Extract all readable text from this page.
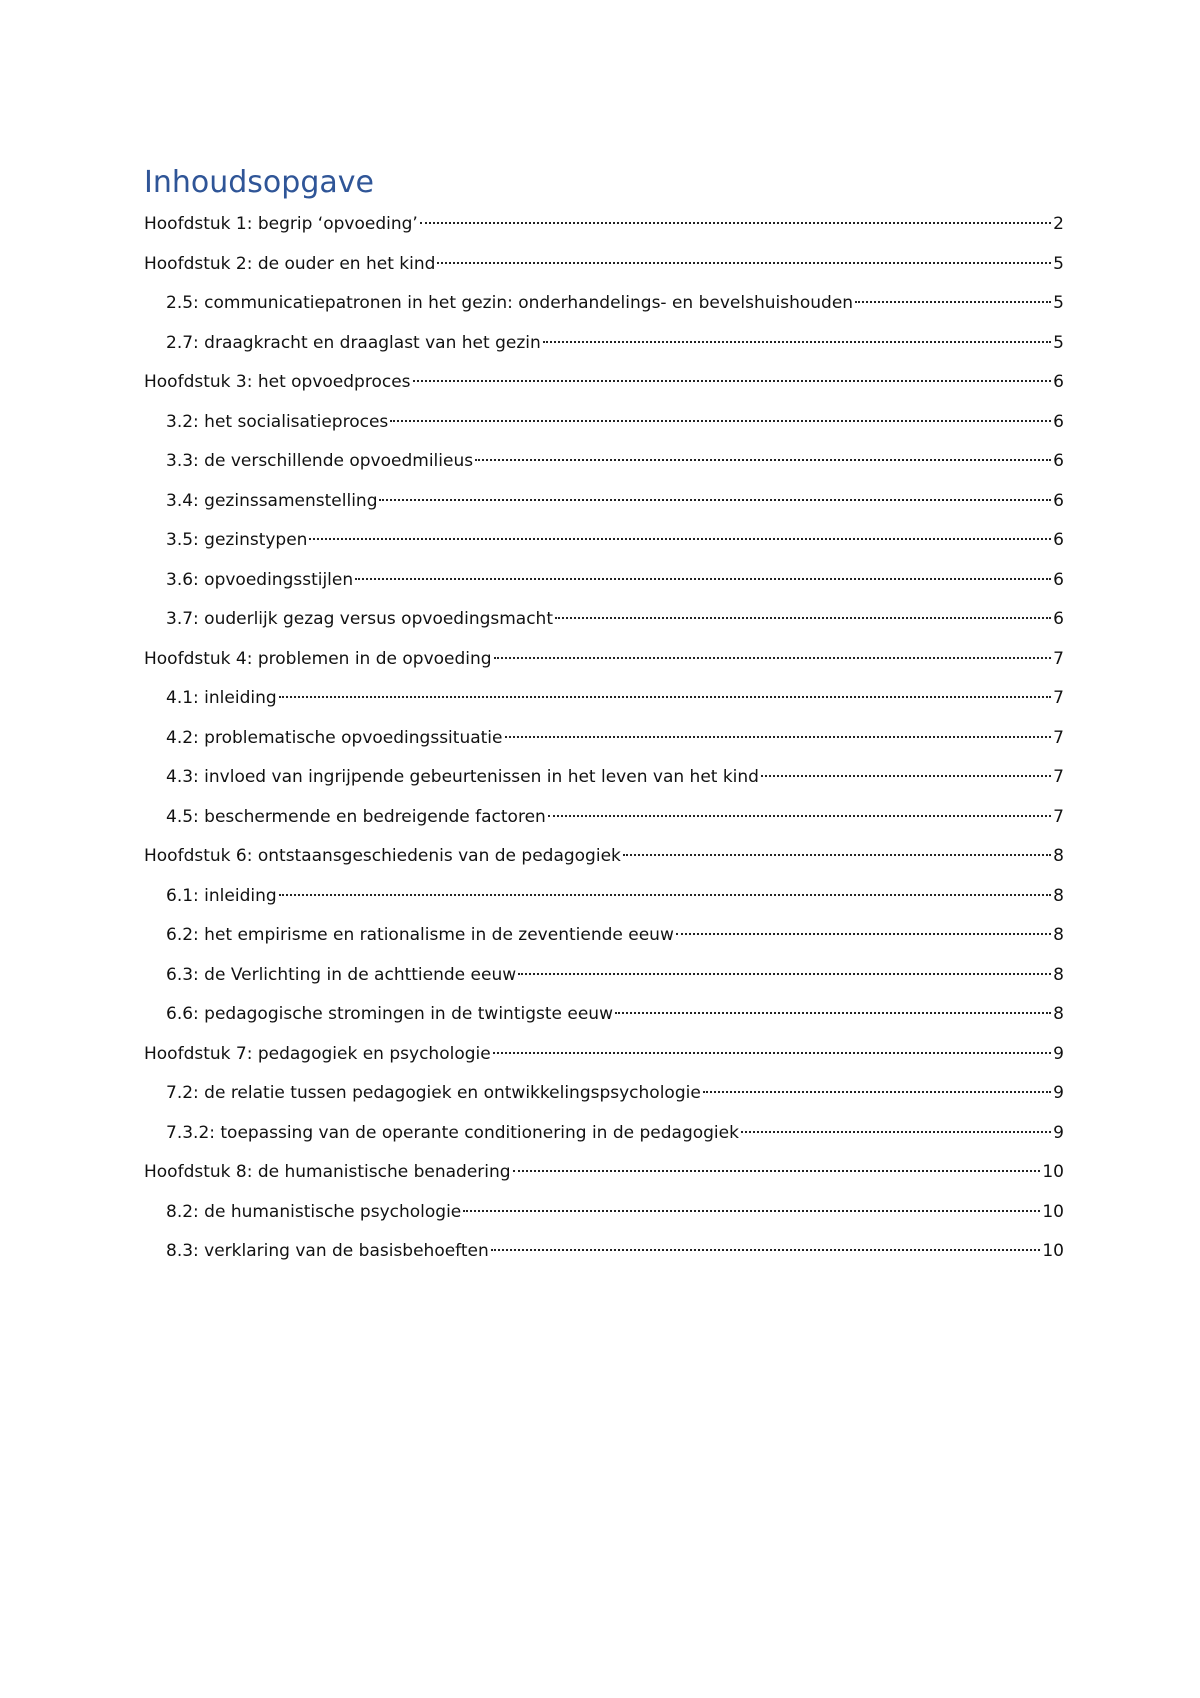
Inhoudsopgave
Hoofdstuk 1: begrip ‘opvoeding’	2
Hoofdstuk 2: de ouder en het kind	5
2.5: communicatiepatronen in het gezin: onderhandelings- en bevelshuishouden	5
2.7: draagkracht en draaglast van het gezin	5
Hoofdstuk 3: het opvoedproces	6
3.2: het socialisatieproces	6
3.3: de verschillende opvoedmilieus	6
3.4: gezinssamenstelling	6
3.5: gezinstypen	6
3.6: opvoedingsstijlen	6
3.7: ouderlijk gezag versus opvoedingsmacht	6
Hoofdstuk 4: problemen in de opvoeding	7
4.1: inleiding	7
4.2: problematische opvoedingssituatie	7
4.3: invloed van ingrijpende gebeurtenissen in het leven van het kind	7
4.5: beschermende en bedreigende factoren	7
Hoofdstuk 6: ontstaansgeschiedenis van de pedagogiek	8
6.1: inleiding	8
6.2: het empirisme en rationalisme in de zeventiende eeuw	8
6.3: de Verlichting in de achttiende eeuw	8
6.6: pedagogische stromingen in de twintigste eeuw	8
Hoofdstuk 7: pedagogiek en psychologie	9
7.2: de relatie tussen pedagogiek en ontwikkelingspsychologie	9
7.3.2: toepassing van de operante conditionering in de pedagogiek	9
Hoofdstuk 8: de humanistische benadering	10
8.2: de humanistische psychologie	10
8.3: verklaring van de basisbehoeften	10
